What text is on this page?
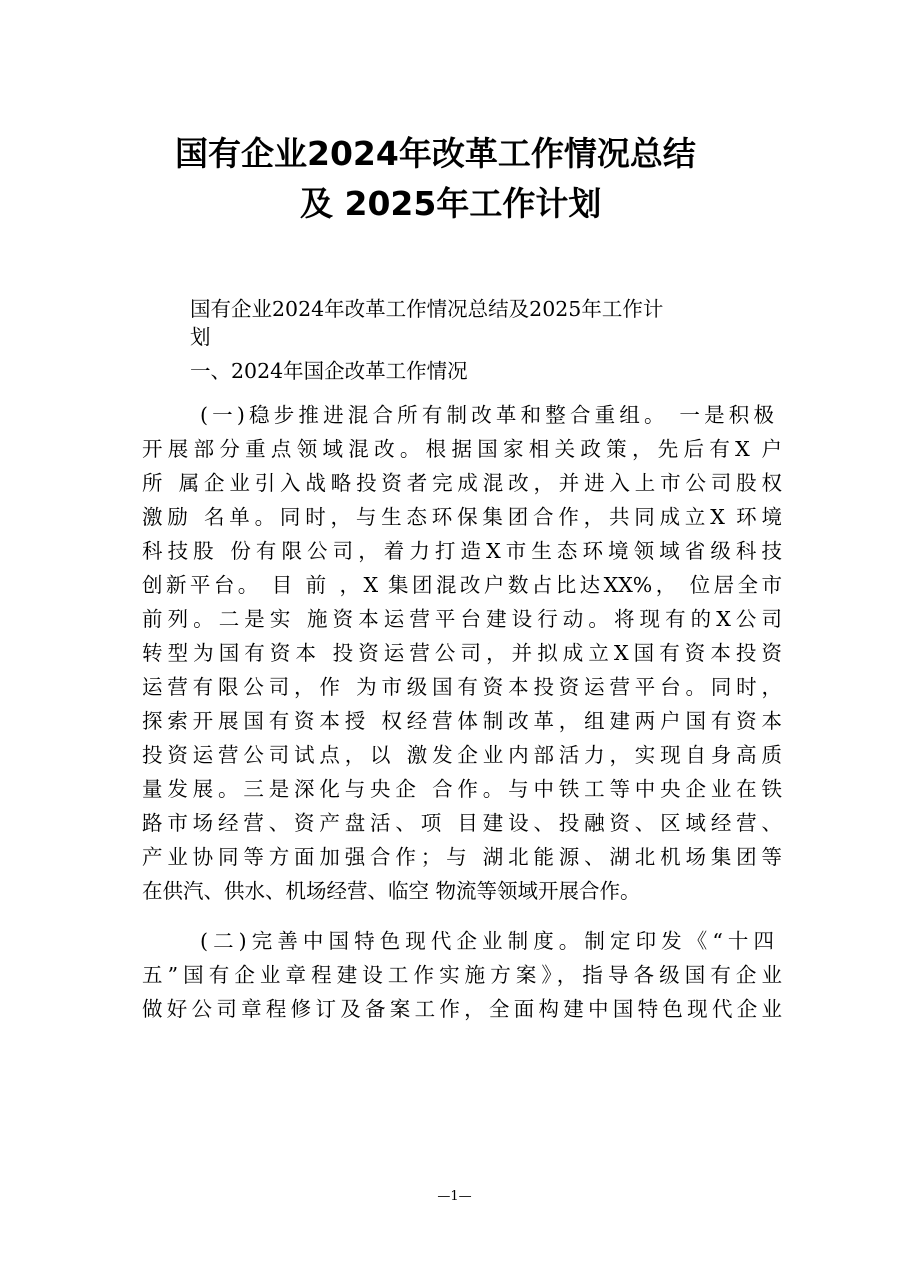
国有企业2024年改革工作情况总结
及 2025年工作计划

国有企业2024年改革工作情况总结及2025年工作计

划

一、2024年国企改革工作情况

(一)稳步推进混合所有制改革和整合重组。 一是积极

开展部分重点领域混改。根据国家相关政策，先后有X 户

所 属企业引入战略投资者完成混改，并进入上市公司股权

激励 名单。同时，与生态环保集团合作，共同成立X 环境

科技股 份有限公司，着力打造X市生态环境领域省级科技

创新平台。 目 前 ，X 集团混改户数占比达XX%， 位居全市

前列。二是实 施资本运营平台建设行动。将现有的X公司

转型为国有资本 投资运营公司，并拟成立X国有资本投资

运营有限公司，作 为市级国有资本投资运营平台。同时，

探索开展国有资本授 权经营体制改革，组建两户国有资本

投资运营公司试点，以 激发企业内部活力，实现自身高质

量发展。三是深化与央企 合作。与中铁工等中央企业在铁

路市场经营、资产盘活、项 目建设、投融资、区域经营、

产业协同等方面加强合作；与 湖北能源、湖北机场集团等

在供汽、供水、机场经营、临空 物流等领域开展合作。

(二)完善中国特色现代企业制度。制定印发《“十四

五”国有企业章程建设工作实施方案》，指导各级国有企业

做好公司章程修订及备案工作，全面构建中国特色现代企业

—1—
